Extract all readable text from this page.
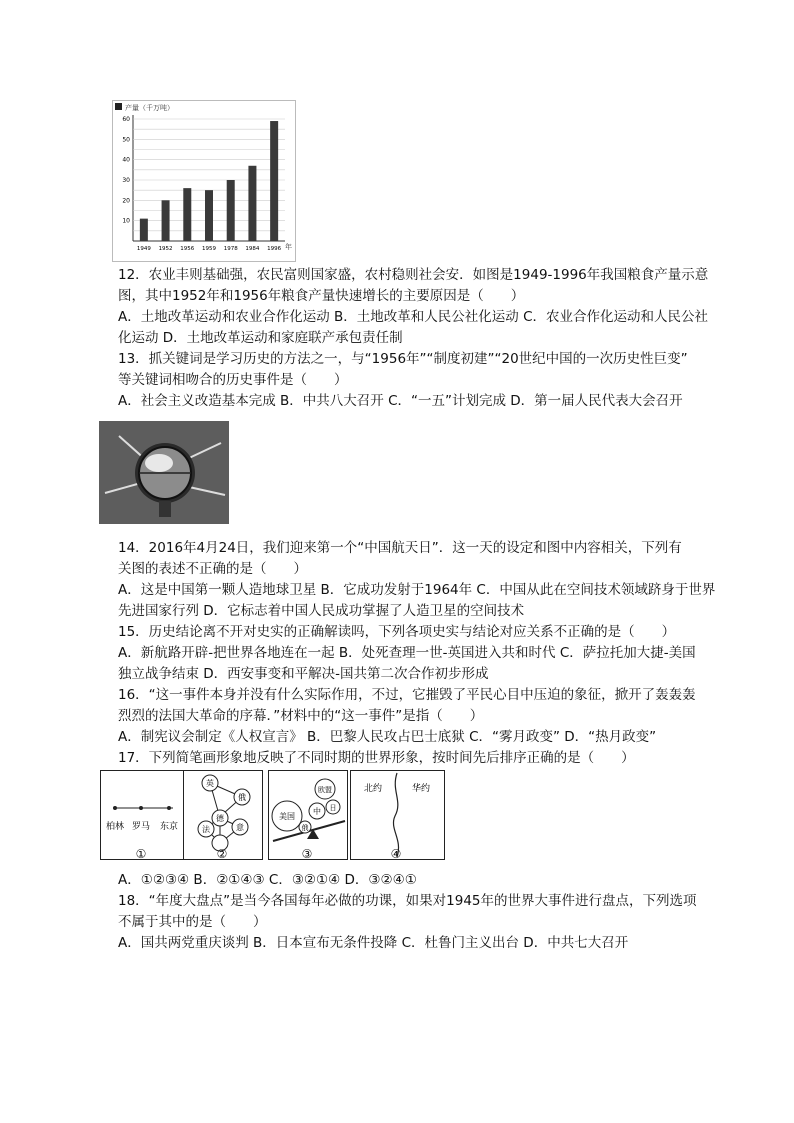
产量（千万吨）
10
20
30
40
50
60
1949 1952 1956 1959 1978 1984 1996 年
12．农业丰则基础强，农民富则国家盛，农村稳则社会安．如图是1949-1996年我国粮食产量示意
图，其中1952年和1956年粮食产量快速增长的主要原因是（　　）
A．土地改革运动和农业合作化运动 B．土地改革和人民公社化运动 C．农业合作化运动和人民公社
化运动 D．土地改革运动和家庭联产承包责任制
13．抓关键词是学习历史的方法之一，与“1956年”“制度初建”“20世纪中国的一次历史性巨变”
等关键词相吻合的历史事件是（　　）
A．社会主义改造基本完成 B．中共八大召开 C．“一五”计划完成 D．第一届人民代表大会召开
14．2016年4月24日，我们迎来第一个“中国航天日”．这一天的设定和图中内容相关，下列有
关图的表述不正确的是（　　）
A．这是中国第一颗人造地球卫星 B．它成功发射于1964年 C．中国从此在空间技术领域跻身于世界
先进国家行列 D．它标志着中国人民成功掌握了人造卫星的空间技术
15．历史结论离不开对史实的正确解读吗，下列各项史实与结论对应关系不正确的是（　　）
A．新航路开辟-把世界各地连在一起 B．处死查理一世-英国进入共和时代 C．萨拉托加大捷-美国
独立战争结束 D．西安事变和平解决-国共第二次合作初步形成
16．“这一事件本身并没有什么实际作用，不过，它摧毁了平民心目中压迫的象征，掀开了轰轰轰
烈烈的法国大革命的序幕．”材料中的“这一事件”是指（　　）
A．制宪议会制定《人权宣言》 B．巴黎人民攻占巴士底狱 C．“雾月政变” D．“热月政变”
17．下列简笔画形象地反映了不同时期的世界形象，按时间先后排序正确的是（　　）
柏林 罗马 东京
英
俄
德
法	意
美国
欧盟
中 日
俄
北约	华约
①	②	③	④
A．①②③④ B．②①④③ C．③②①④ D．③②④①
18．“年度大盘点”是当今各国每年必做的功课，如果对1945年的世界大事件进行盘点，下列选项
不属于其中的是（　　）
A．国共两党重庆谈判 B．日本宣布无条件投降 C．杜鲁门主义出台 D．中共七大召开
